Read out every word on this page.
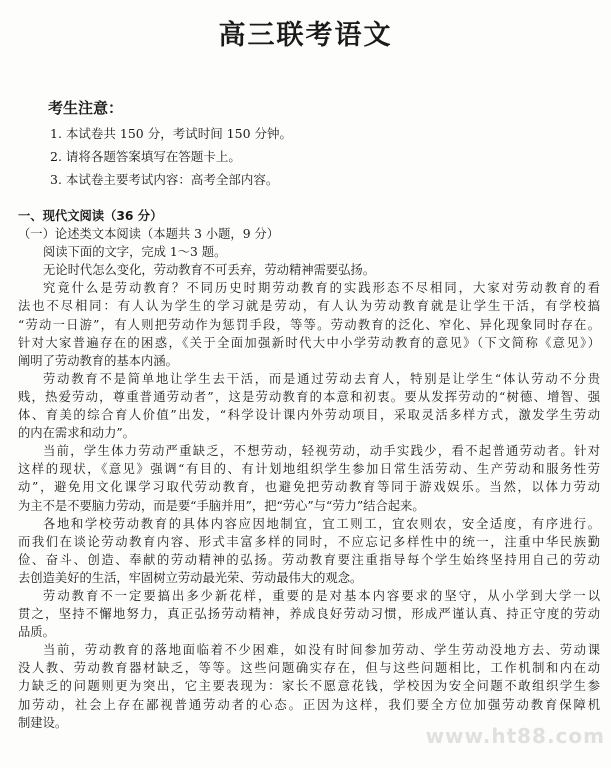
高三联考语文
考生注意：
1. 本试卷共 150 分，考试时间 150 分钟。
2. 请将各题答案填写在答题卡上。
3. 本试卷主要考试内容：高考全部内容。
一、现代文阅读（36 分）
（一）论述类文本阅读（本题共 3 小题，9 分）
阅读下面的文字，完成 1～3 题。
无论时代怎么变化，劳动教育不可丢弃，劳动精神需要弘扬。
究竟什么是劳动教育？不同历史时期劳动教育的实践形态不尽相同，大家对劳动教育的看
法也不尽相同：有人认为学生的学习就是劳动，有人认为劳动教育就是让学生干活，有学校搞
“劳动一日游”，有人则把劳动作为惩罚手段，等等。劳动教育的泛化、窄化、异化现象同时存在。
针对大家普遍存在的困惑，《关于全面加强新时代大中小学劳动教育的意见》（下文简称《意见》）
阐明了劳动教育的基本内涵。
劳动教育不是简单地让学生去干活，而是通过劳动去育人，特别是让学生“体认劳动不分贵
贱，热爱劳动，尊重普通劳动者”，这是劳动教育的本意和初衷。要从发挥劳动的“树德、增智、强
体、育美的综合育人价值”出发，“科学设计课内外劳动项目，采取灵活多样方式，激发学生劳动
的内在需求和动力”。
当前，学生体力劳动严重缺乏，不想劳动，轻视劳动，动手实践少，看不起普通劳动者。针对
这样的现状，《意见》强调“有目的、有计划地组织学生参加日常生活劳动、生产劳动和服务性劳
动”，避免用文化课学习取代劳动教育，也避免把劳动教育等同于游戏娱乐。当然，以体力劳动
为主不是不要脑力劳动，而是要“手脑并用”，把“劳心”与“劳力”结合起来。
各地和学校劳动教育的具体内容应因地制宜，宜工则工，宜农则农，安全适度，有序进行。
而我们在谈论劳动教育内容、形式丰富多样的同时，不应忘记多样性中的统一，注重中华民族勤
俭、奋斗、创造、奉献的劳动精神的弘扬。劳动教育要注重指导每个学生始终坚持用自己的劳动
去创造美好的生活，牢固树立劳动最光荣、劳动最伟大的观念。
劳动教育不一定要搞出多少新花样，重要的是对基本内容要求的坚守，从小学到大学一以
贯之，坚持不懈地努力，真正弘扬劳动精神，养成良好劳动习惯，形成严谨认真、持正守度的劳动
品质。
当前，劳动教育的落地面临着不少困难，如没有时间参加劳动、学生劳动没地方去、劳动课
没人教、劳动教育器材缺乏，等等。这些问题确实存在，但与这些问题相比，工作机制和内在动
力缺乏的问题则更为突出，它主要表现为：家长不愿意花钱，学校因为安全问题不敢组织学生参
加劳动，社会上存在鄙视普通劳动者的心态。正因为这样，我们要全方位加强劳动教育保障机
制建设。
www.ht88.com
